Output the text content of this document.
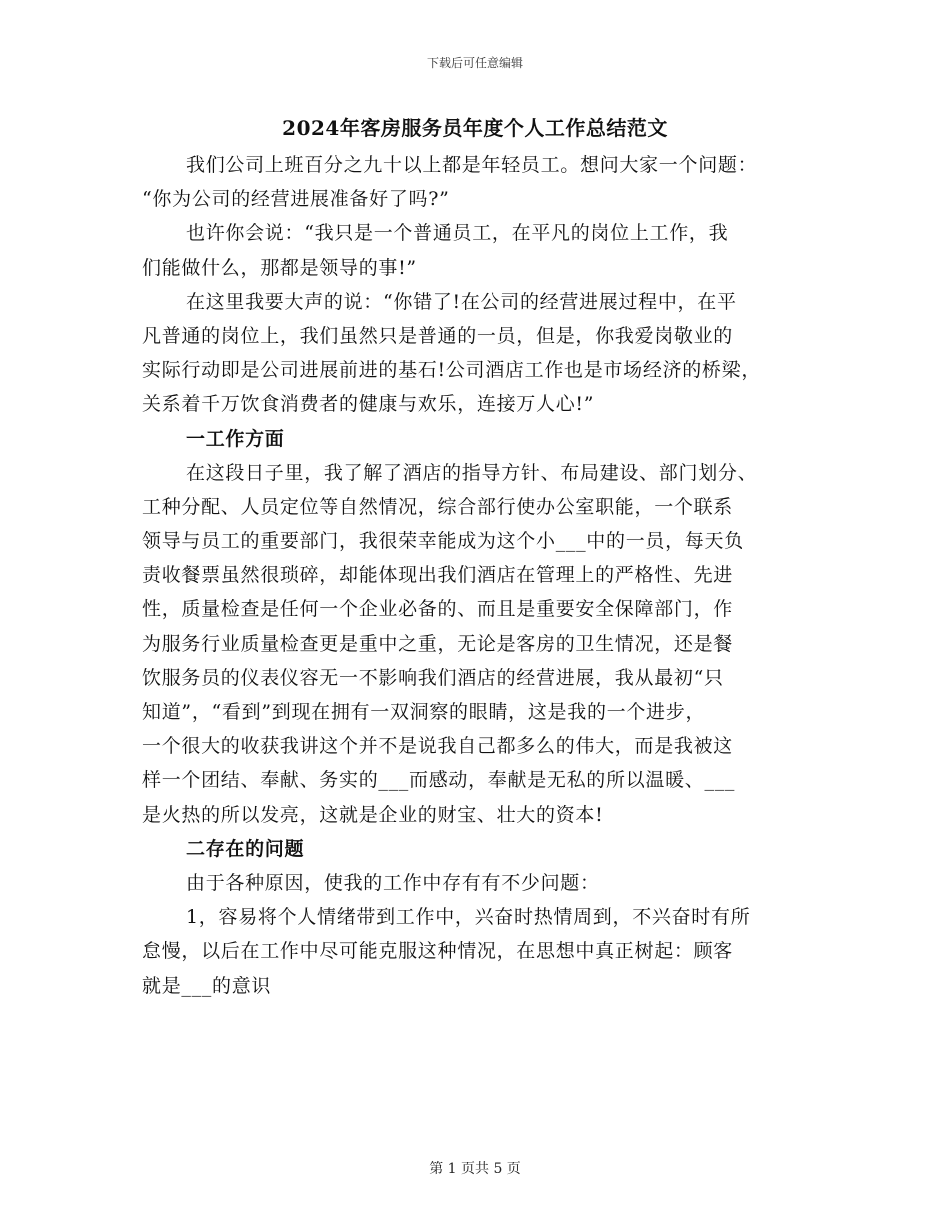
下载后可任意编辑
2024年客房服务员年度个人工作总结范文
我们公司上班百分之九十以上都是年轻员工。想问大家一个问题：
“你为公司的经营进展准备好了吗?”
也许你会说：“我只是一个普通员工，在平凡的岗位上工作，我
们能做什么，那都是领导的事!”
在这里我要大声的说：“你错了!在公司的经营进展过程中，在平
凡普通的岗位上，我们虽然只是普通的一员，但是，你我爱岗敬业的
实际行动即是公司进展前进的基石!公司酒店工作也是市场经济的桥梁，
关系着千万饮食消费者的健康与欢乐，连接万人心!”
一工作方面
在这段日子里，我了解了酒店的指导方针、布局建设、部门划分、
工种分配、人员定位等自然情况，综合部行使办公室职能，一个联系
领导与员工的重要部门，我很荣幸能成为这个小___中的一员，每天负
责收餐票虽然很琐碎，却能体现出我们酒店在管理上的严格性、先进
性，质量检查是任何一个企业必备的、而且是重要安全保障部门，作
为服务行业质量检查更是重中之重，无论是客房的卫生情况，还是餐
饮服务员的仪表仪容无一不影响我们酒店的经营进展，我从最初“只
知道”，“看到”到现在拥有一双洞察的眼睛，这是我的一个进步，
一个很大的收获我讲这个并不是说我自己都多么的伟大，而是我被这
样一个团结、奉献、务实的___而感动，奉献是无私的所以温暖、___
是火热的所以发亮，这就是企业的财宝、壮大的资本!
二存在的问题
由于各种原因，使我的工作中存有有不少问题：
1，容易将个人情绪带到工作中，兴奋时热情周到，不兴奋时有所
怠慢，以后在工作中尽可能克服这种情况，在思想中真正树起：顾客
就是___的意识
第 1 页共 5 页
